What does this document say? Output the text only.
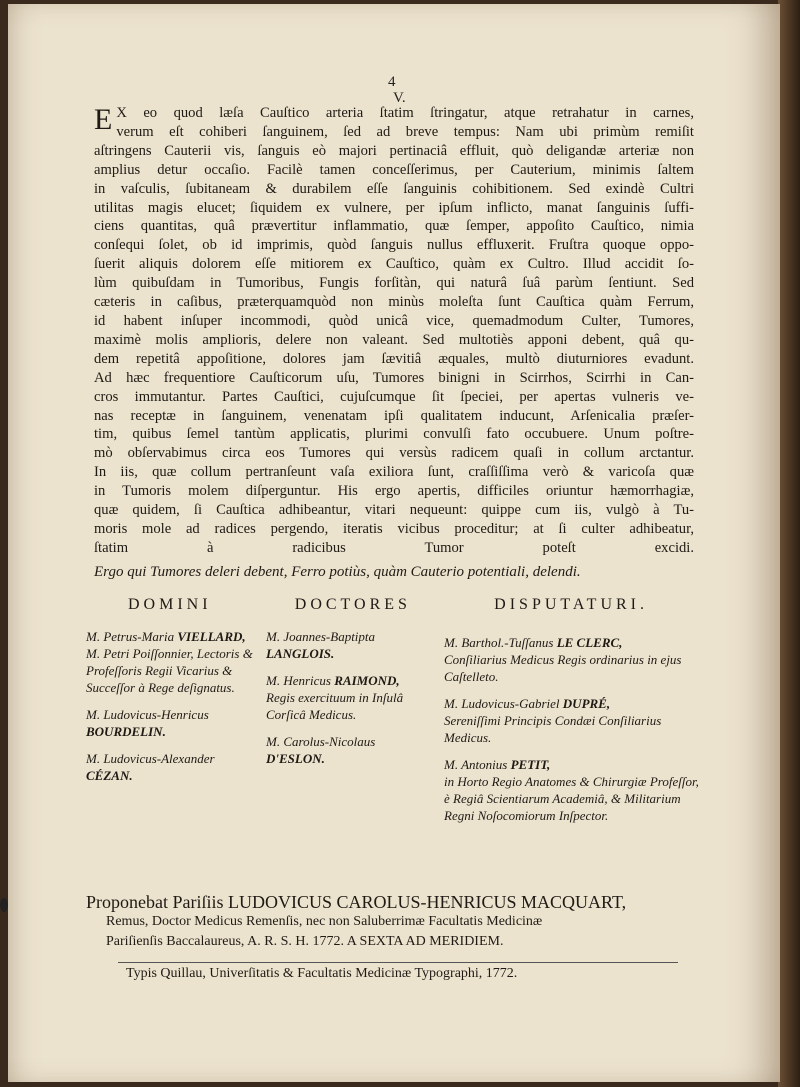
4
V.
E X eo quod læſa Cauſtico arteria ſtatim ſtringatur, atque retrahatur in carnes,
verum eſt cohiberi ſanguinem, ſed ad breve tempus: Nam ubi primùm remiſit
aſtringens Cauterii vis, ſanguis eò majori pertinaciâ effluit, quò deligandæ arteriæ non
amplius detur occaſio. Facilè tamen conceſſerimus, per Cauterium, minimis ſaltem
in vaſculis, ſubitaneam & durabilem eſſe ſanguinis cohibitionem. Sed exindè Cultri
utilitas magis elucet; ſiquidem ex vulnere, per ipſum inflicto, manat ſanguinis ſuffi-
ciens quantitas, quâ prævertitur inflammatio, quæ ſemper, appoſito Cauſtico, nimia
conſequi ſolet, ob id imprimis, quòd ſanguis nullus effluxerit. Fruſtra quoque oppo-
ſuerit aliquis dolorem eſſe mitiorem ex Cauſtico, quàm ex Cultro. Illud accidit ſo-
lùm quibuſdam in Tumoribus, Fungis forſitàn, qui naturâ ſuâ parùm ſentiunt. Sed
cæteris in caſibus, præterquamquòd non minùs moleſta ſunt Cauſtica quàm Ferrum,
id habent inſuper incommodi, quòd unicâ vice, quemadmodum Culter, Tumores,
maximè molis amplioris, delere non valeant. Sed multotiès apponi debent, quâ qu-
dem repetitâ appoſitione, dolores jam ſævitiâ æquales, multò diuturniores evadunt.
Ad hæc frequentiore Cauſticorum uſu, Tumores binigni in Scirrhos, Scirrhi in Can-
cros immutantur. Partes Cauſtici, cujuſcumque ſit ſpeciei, per apertas vulneris ve-
nas receptæ in ſanguinem, venenatam ipſi qualitatem inducunt, Arſenicalia præſer-
tim, quibus ſemel tantùm applicatis, plurimi convulſi fato occubuere. Unum poſtre-
mò obſervabimus circa eos Tumores qui versùs radicem quaſi in collum arctantur.
In iis, quæ collum pertranſeunt vaſa exiliora ſunt, craſſiſſima verò & varicoſa quæ
in Tumoris molem diſperguntur. His ergo apertis, difficiles oriuntur hæmorrhagiæ,
quæ quidem, ſi Cauſtica adhibeantur, vitari nequeunt: quippe cum iis, vulgò à Tu-
moris mole ad radices pergendo, iteratis vicibus proceditur; at ſi culter adhibeatur,
ſtatim à radicibus Tumor poteſt excidi.
Ergo qui Tumores deleri debent, Ferro potiùs, quàm Cauterio potentiali, delendi.
DOMINI	DOCTORES	DISPUTATURI.
M. Petrus-Maria VIELLARD,
M. Petri Poiſſonnier, Lectoris & Profeſſoris Regii Vicarius & Succeſſor à Rege deſignatus.
M. Ludovicus-Henricus BOURDELIN.
M. Ludovicus-Alexander CÉZAN.
M. Joannes-Baptipta LANGLOIS.
M. Henricus RAIMOND,
Regis exercituum in Inſulâ Corſicâ Medicus.
M. Carolus-Nicolaus D'ESLON.
M. Barthol.-Tuſſanus LE CLERC,
Conſiliarius Medicus Regis ordinarius in ejus Caſtelleto.
M. Ludovicus-Gabriel DUPRÉ,
Sereniſſimi Principis Condæi Conſiliarius Medicus.
M. Antonius PETIT,
in Horto Regio Anatomes & Chirurgiæ Profeſſor, è Regiâ Scientiarum Academiâ, & Militarium Regni Noſocomiorum Inſpector.
Proponebat Pariſiis LUDOVICUS CAROLUS-HENRICUS MACQUART,
Remus, Doctor Medicus Remenſis, nec non Saluberrimæ Facultatis Medicinæ
Pariſienſis Baccalaureus, A. R. S. H. 1772. A SEXTA AD MERIDIEM.
Typis Quillau, Univerſitatis & Facultatis Medicinæ Typographi, 1772.
